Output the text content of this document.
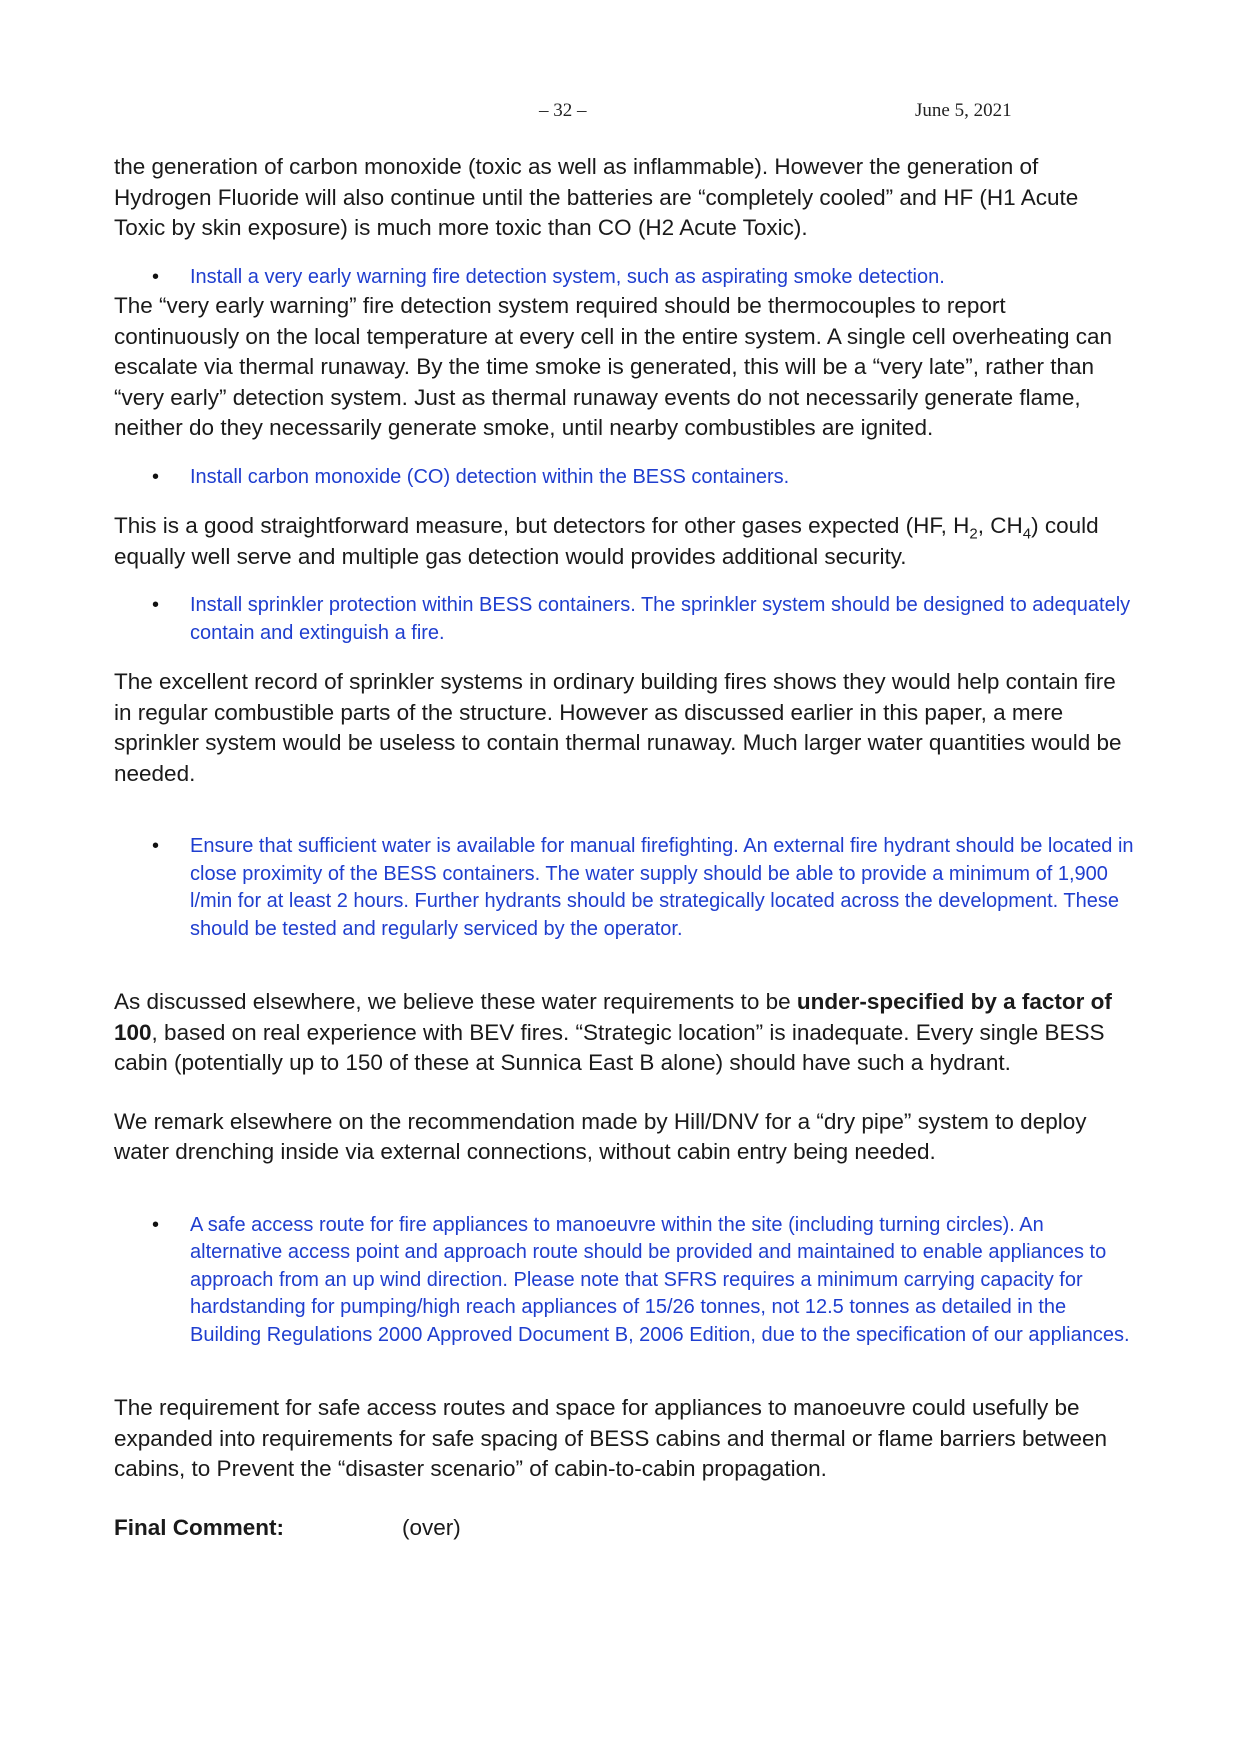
– 32 –	June 5, 2021

the generation of carbon monoxide (toxic as well as inflammable). However the generation of Hydrogen Fluoride will also continue until the batteries are “completely cooled” and HF (H1 Acute Toxic by skin exposure) is much more toxic than CO (H2 Acute Toxic).

• Install a very early warning fire detection system, such as aspirating smoke detection.

The “very early warning” fire detection system required should be thermocouples to report continuously on the local temperature at every cell in the entire system. A single cell overheating can escalate via thermal runaway. By the time smoke is generated, this will be a “very late”, rather than “very early” detection system. Just as thermal runaway events do not necessarily generate flame, neither do they necessarily generate smoke, until nearby combustibles are ignited.

• Install carbon monoxide (CO) detection within the BESS containers.

This is a good straightforward measure, but detectors for other gases expected (HF, $H_2$, $CH_4$) could equally well serve and multiple gas detection would provides additional security.

• Install sprinkler protection within BESS containers. The sprinkler system should be designed to adequately contain and extinguish a fire.

The excellent record of sprinkler systems in ordinary building fires shows they would help contain fire in regular combustible parts of the structure. However as discussed earlier in this paper, a mere sprinkler system would be useless to contain thermal runaway. Much larger water quantities would be needed.

• Ensure that sufficient water is available for manual firefighting. An external fire hydrant should be located in close proximity of the BESS containers. The water supply should be able to provide a minimum of 1,900 l/min for at least 2 hours. Further hydrants should be strategically located across the development. These should be tested and regularly serviced by the operator.

As discussed elsewhere, we believe these water requirements to be under-specified by a factor of 100, based on real experience with BEV fires. “Strategic location” is inadequate. Every single BESS cabin (potentially up to 150 of these at Sunnica East B alone) should have such a hydrant.

We remark elsewhere on the recommendation made by Hill/DNV for a “dry pipe” system to deploy water drenching inside via external connections, without cabin entry being needed.

• A safe access route for fire appliances to manoeuvre within the site (including turning circles). An alternative access point and approach route should be provided and maintained to enable appliances to approach from an up wind direction. Please note that SFRS requires a minimum carrying capacity for hardstanding for pumping/high reach appliances of 15/26 tonnes, not 12.5 tonnes as detailed in the Building Regulations 2000 Approved Document B, 2006 Edition, due to the specification of our appliances.

The requirement for safe access routes and space for appliances to manoeuvre could usefully be expanded into requirements for safe spacing of BESS cabins and thermal or flame barriers between cabins, to Prevent the “disaster scenario” of cabin-to-cabin propagation.

Final Comment:	(over)
